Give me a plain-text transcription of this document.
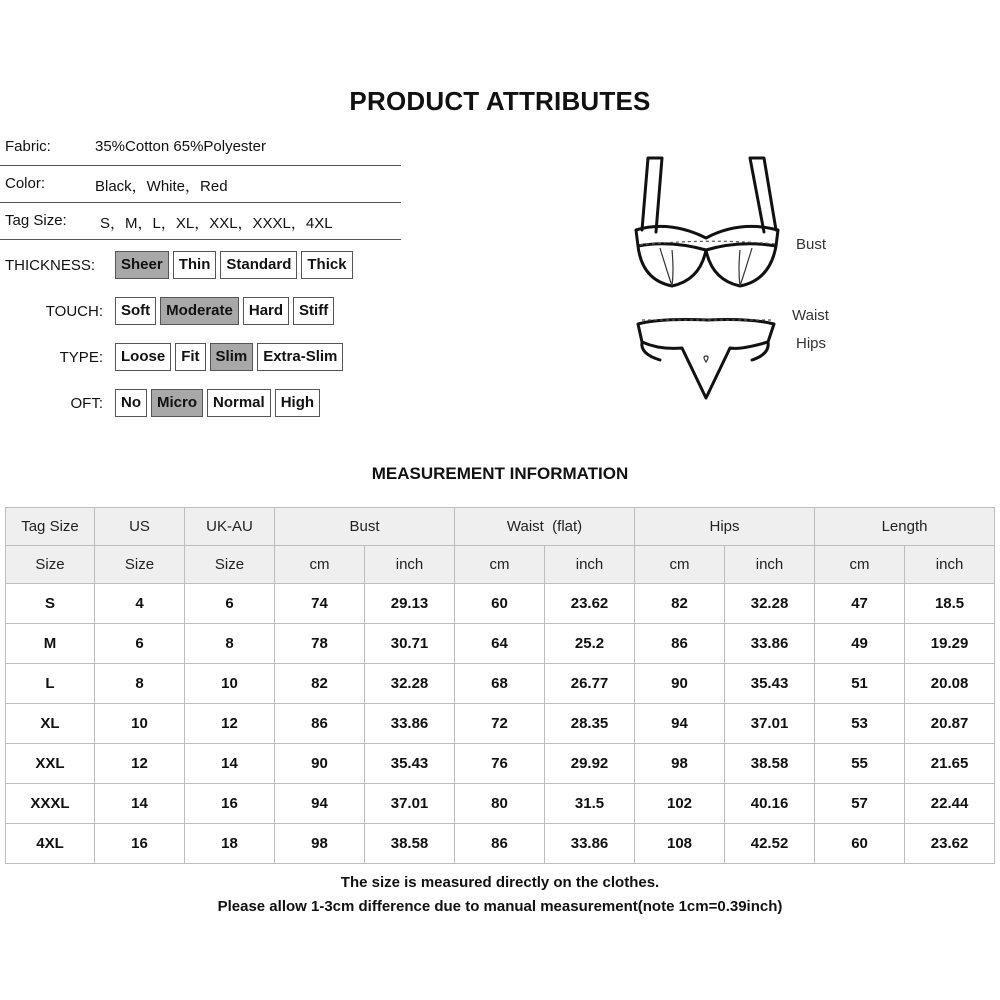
PRODUCT ATTRIBUTES
Fabric:	35%Cotton 65%Polyester
Color:	Black，White，Red
Tag Size: S，M，L，XL，XXL，XXXL，4XL
THICKNESS:	Sheer	Thin	Standard	Thick
TOUCH:	Soft	Moderate	Hard	Stiff
TYPE:	Loose	Fit	Slim	Extra-Slim
OFT:	No	Micro	Normal	High
Bust
Waist
Hips
MEASUREMENT INFORMATION
Tag Size	US	UK-AU	Bust		Waist  (flat)		Hips		Length	
Size	Size	Size	cm	inch	cm	inch	cm	inch	cm	inch
S	4	6	74	29.13	60	23.62	82	32.28	47	18.5
M	6	8	78	30.71	64	25.2	86	33.86	49	19.29
L	8	10	82	32.28	68	26.77	90	35.43	51	20.08
XL	10	12	86	33.86	72	28.35	94	37.01	53	20.87
XXL	12	14	90	35.43	76	29.92	98	38.58	55	21.65
XXXL	14	16	94	37.01	80	31.5	102	40.16	57	22.44
4XL	16	18	98	38.58	86	33.86	108	42.52	60	23.62
The size is measured directly on the clothes.
Please allow 1-3cm difference due to manual measurement(note 1cm=0.39inch)
